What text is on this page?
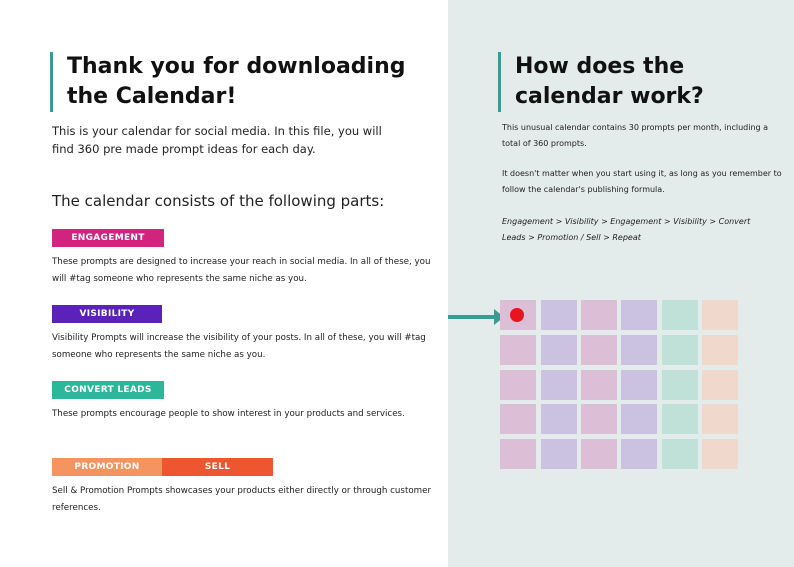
Thank you for downloading the Calendar!
This is your calendar for social media. In this file, you will find 360 pre made prompt ideas for each day.
The calendar consists of the following parts:
ENGAGEMENT
These prompts are designed to increase your reach in social media. In all of these, you will #tag someone who represents the same niche as you.
VISIBILITY
Visibility Prompts will increase the visibility of your posts. In all of these, you will #tag someone who represents the same niche as you.
CONVERT LEADS
These prompts encourage people to show interest in your products and services.
PROMOTION	SELL
Sell & Promotion Prompts showcases your products either directly or through customer references.
How does the calendar work?
This unusual calendar contains 30 prompts per month, including a total of 360 prompts.
It doesn't matter when you start using it, as long as you remember to follow the calendar's publishing formula.
Engagement > Visibility > Engagement > Visibility > Convert Leads > Promotion / Sell > Repeat
